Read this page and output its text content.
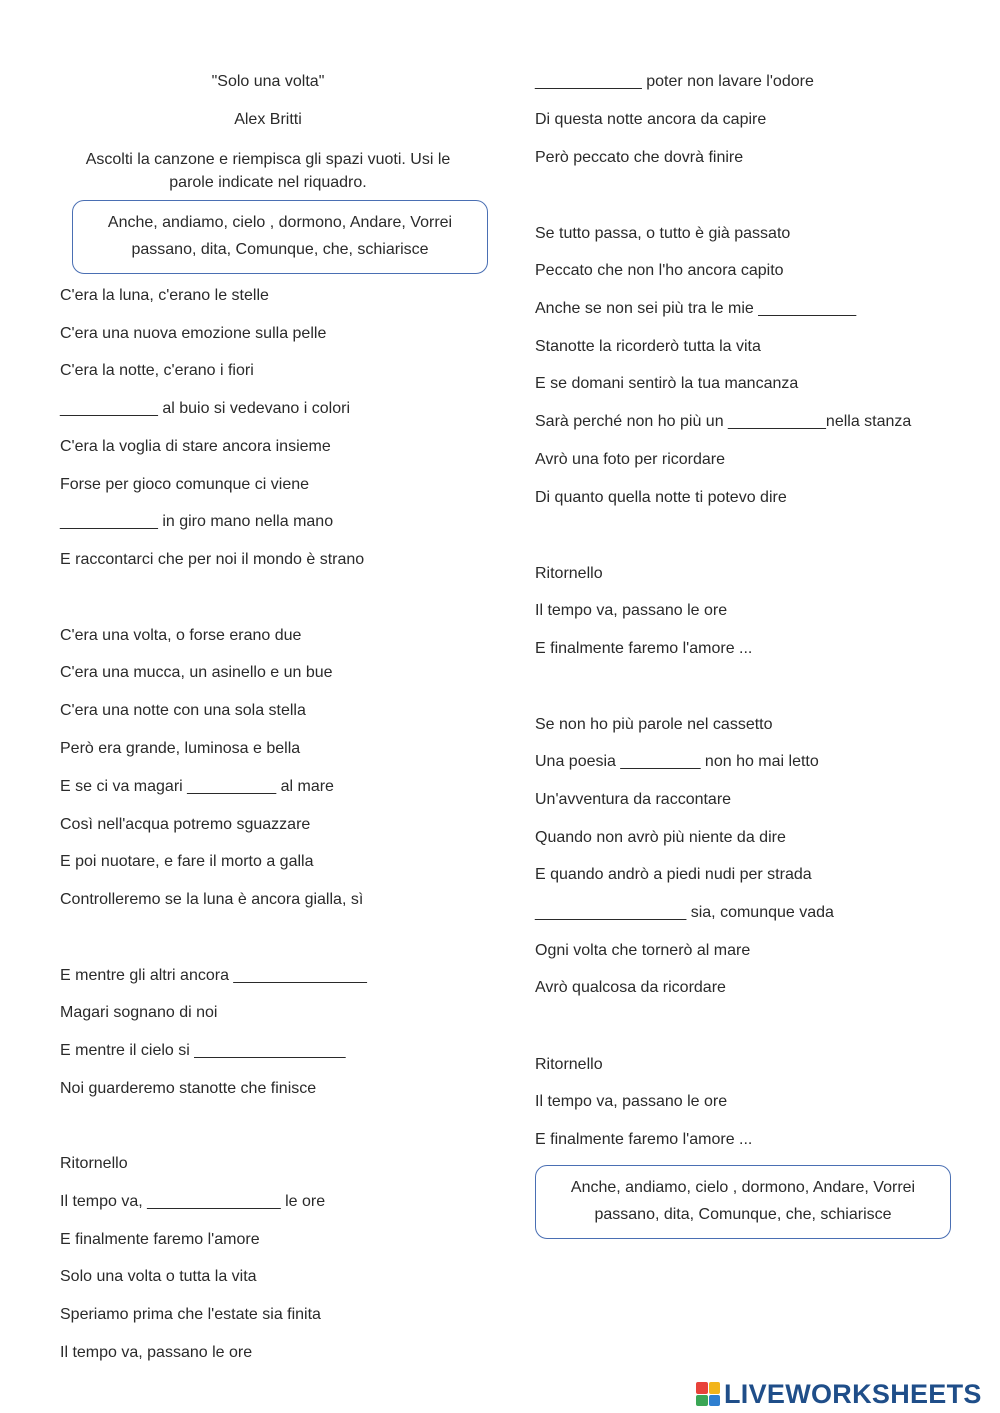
"Solo una volta"
Alex Britti
Ascolti la canzone e riempisca gli spazi vuoti. Usi le
parole indicate nel riquadro.
Anche, andiamo, cielo , dormono, Andare, Vorrei
passano, dita, Comunque, che, schiarisce
C'era la luna, c'erano le stelle
C'era una nuova emozione sulla pelle
C'era la notte, c'erano i fiori
___________ al buio si vedevano i colori
C'era la voglia di stare ancora insieme
Forse per gioco comunque ci viene
___________ in giro mano nella mano
E raccontarci che per noi il mondo è strano
C'era una volta, o forse erano due
C'era una mucca, un asinello e un bue
C'era una notte con una sola stella
Però era grande, luminosa e bella
E se ci va magari __________ al mare
Così nell'acqua potremo sguazzare
E poi nuotare, e fare il morto a galla
Controlleremo se la luna è ancora gialla, sì
E mentre gli altri ancora _______________
Magari sognano di noi
E mentre il cielo si _________________
Noi guarderemo stanotte che finisce
Ritornello
Il tempo va, _______________ le ore
E finalmente faremo l'amore
Solo una volta o tutta la vita
Speriamo prima che l'estate sia finita
Il tempo va, passano le ore
____________ poter non lavare l'odore
Di questa notte ancora da capire
Però peccato che dovrà finire
Se tutto passa, o tutto è già passato
Peccato che non l'ho ancora capito
Anche se non sei più tra le mie ___________
Stanotte la ricorderò tutta la vita
E se domani sentirò la tua mancanza
Sarà perché non ho più un ___________nella stanza
Avrò una foto per ricordare
Di quanto quella notte ti potevo dire
Ritornello
Il tempo va, passano le ore
E finalmente faremo l'amore ...
Se non ho più parole nel cassetto
Una poesia _________ non ho mai letto
Un'avventura da raccontare
Quando non avrò più niente da dire
E quando andrò a piedi nudi per strada
_________________ sia, comunque vada
Ogni volta che tornerò al mare
Avrò qualcosa da ricordare
Ritornello
Il tempo va, passano le ore
E finalmente faremo l'amore ...
Anche, andiamo, cielo , dormono, Andare, Vorrei
passano, dita, Comunque, che, schiarisce
LIVEWORKSHEETS
